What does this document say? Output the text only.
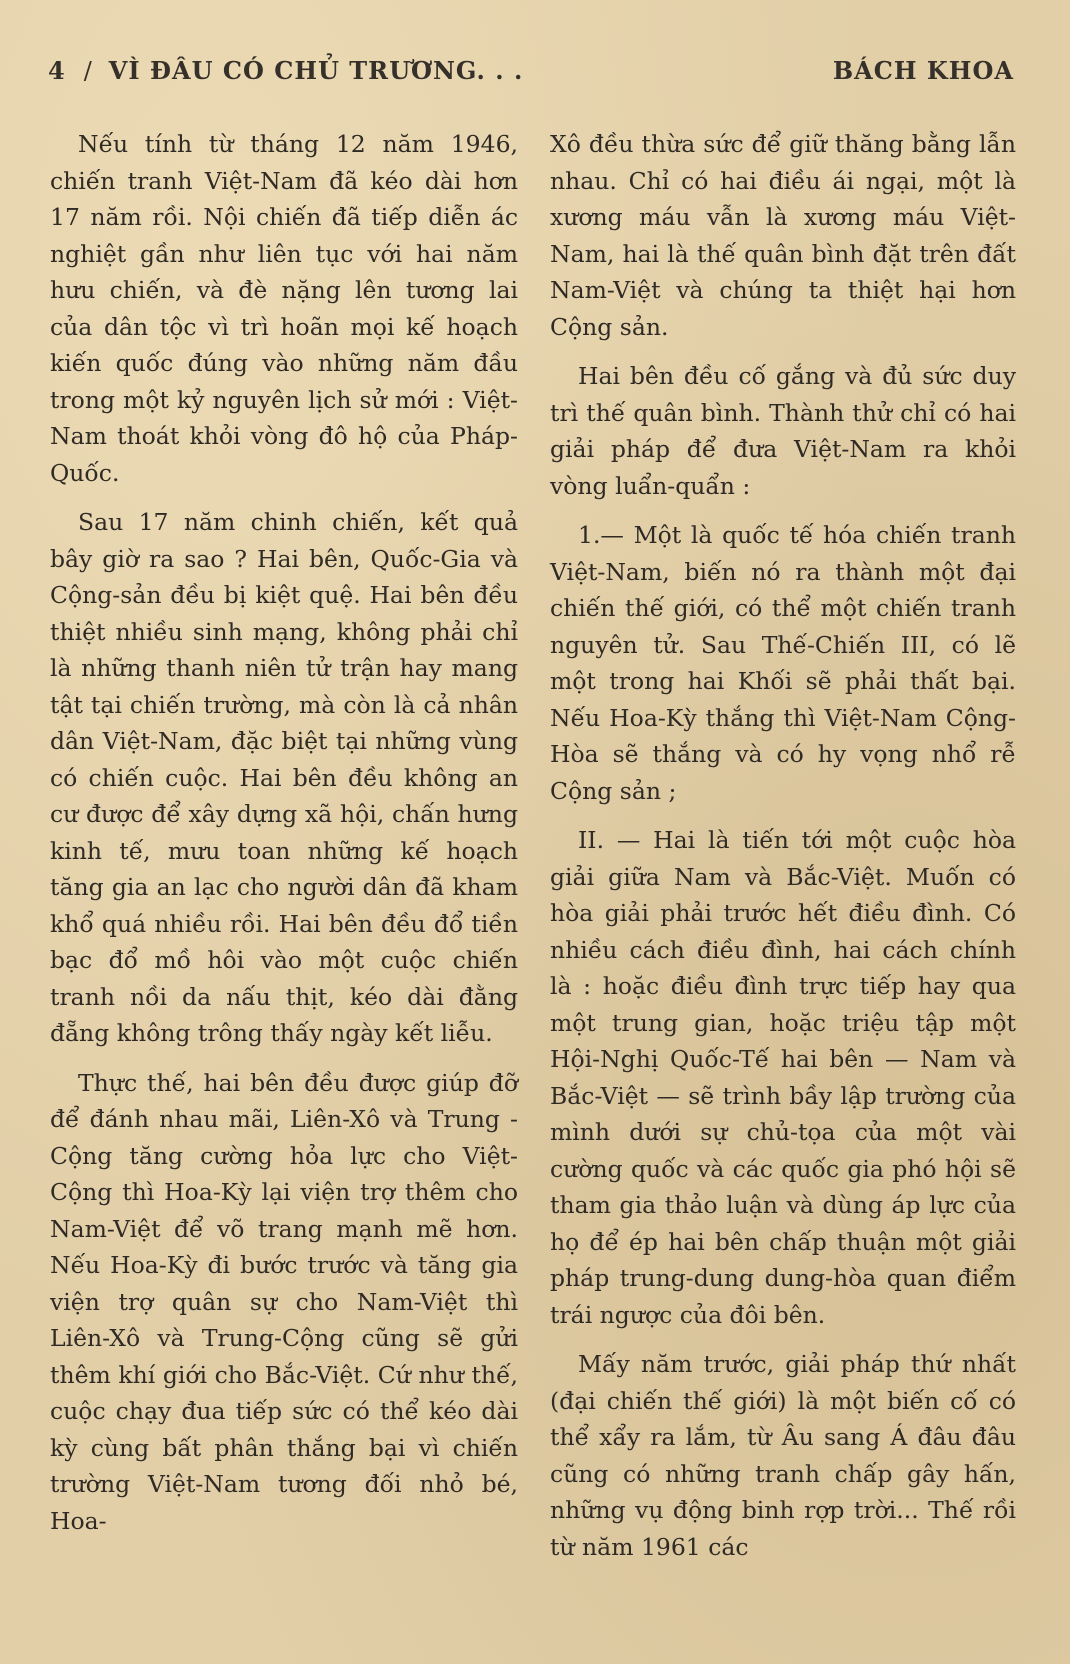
4 / VÌ ĐÂU CÓ CHỦ TRƯƠNG. . .	BÁCH KHOA

Nếu tính từ tháng 12 năm 1946, chiến tranh Việt-Nam đã kéo dài hơn 17 năm rồi. Nội chiến đã tiếp diễn ác nghiệt gần như liên tục với hai năm hưu chiến, và đè nặng lên tương lai của dân tộc vì trì hoãn mọi kế hoạch kiến quốc đúng vào những năm đầu trong một kỷ nguyên lịch sử mới : Việt-Nam thoát khỏi vòng đô hộ của Pháp-Quốc.

Sau 17 năm chinh chiến, kết quả bây giờ ra sao ? Hai bên, Quốc-Gia và Cộng-sản đều bị kiệt quệ. Hai bên đều thiệt nhiều sinh mạng, không phải chỉ là những thanh niên tử trận hay mang tật tại chiến trường, mà còn là cả nhân dân Việt-Nam, đặc biệt tại những vùng có chiến cuộc. Hai bên đều không an cư được để xây dựng xã hội, chấn hưng kinh tế, mưu toan những kế hoạch tăng gia an lạc cho người dân đã kham khổ quá nhiều rồi. Hai bên đều đổ tiền bạc đổ mồ hôi vào một cuộc chiến tranh nồi da nấu thịt, kéo dài đằng đẵng không trông thấy ngày kết liễu.

Thực thế, hai bên đều được giúp đỡ để đánh nhau mãi, Liên-Xô và Trung - Cộng tăng cường hỏa lực cho Việt-Cộng thì Hoa-Kỳ lại viện trợ thêm cho Nam-Việt để võ trang mạnh mẽ hơn. Nếu Hoa-Kỳ đi bước trước và tăng gia viện trợ quân sự cho Nam-Việt thì Liên-Xô và Trung-Cộng cũng sẽ gửi thêm khí giới cho Bắc-Việt. Cứ như thế, cuộc chạy đua tiếp sức có thể kéo dài kỳ cùng bất phân thắng bại vì chiến trường Việt-Nam tương đối nhỏ bé, Hoa-

Xô đều thừa sức để giữ thăng bằng lẫn nhau. Chỉ có hai điều ái ngại, một là xương máu vẫn là xương máu Việt-Nam, hai là thế quân bình đặt trên đất Nam-Việt và chúng ta thiệt hại hơn Cộng sản.

Hai bên đều cố gắng và đủ sức duy trì thế quân bình. Thành thử chỉ có hai giải pháp để đưa Việt-Nam ra khỏi vòng luẩn-quẩn :

1.— Một là quốc tế hóa chiến tranh Việt-Nam, biến nó ra thành một đại chiến thế giới, có thể một chiến tranh nguyên tử. Sau Thế-Chiến III, có lẽ một trong hai Khối sẽ phải thất bại. Nếu Hoa-Kỳ thắng thì Việt-Nam Cộng-Hòa sẽ thắng và có hy vọng nhổ rễ Cộng sản ;

II. — Hai là tiến tới một cuộc hòa giải giữa Nam và Bắc-Việt. Muốn có hòa giải phải trước hết điều đình. Có nhiều cách điều đình, hai cách chính là : hoặc điều đình trực tiếp hay qua một trung gian, hoặc triệu tập một Hội-Nghị Quốc-Tế hai bên — Nam và Bắc-Việt — sẽ trình bầy lập trường của mình dưới sự chủ-tọa của một vài cường quốc và các quốc gia phó hội sẽ tham gia thảo luận và dùng áp lực của họ để ép hai bên chấp thuận một giải pháp trung-dung dung-hòa quan điểm trái ngược của đôi bên.

Mấy năm trước, giải pháp thứ nhất (đại chiến thế giới) là một biến cố có thể xẩy ra lắm, từ Âu sang Á đâu đâu cũng có những tranh chấp gây hấn, những vụ động binh rợp trời... Thế rồi từ năm 1961 các
